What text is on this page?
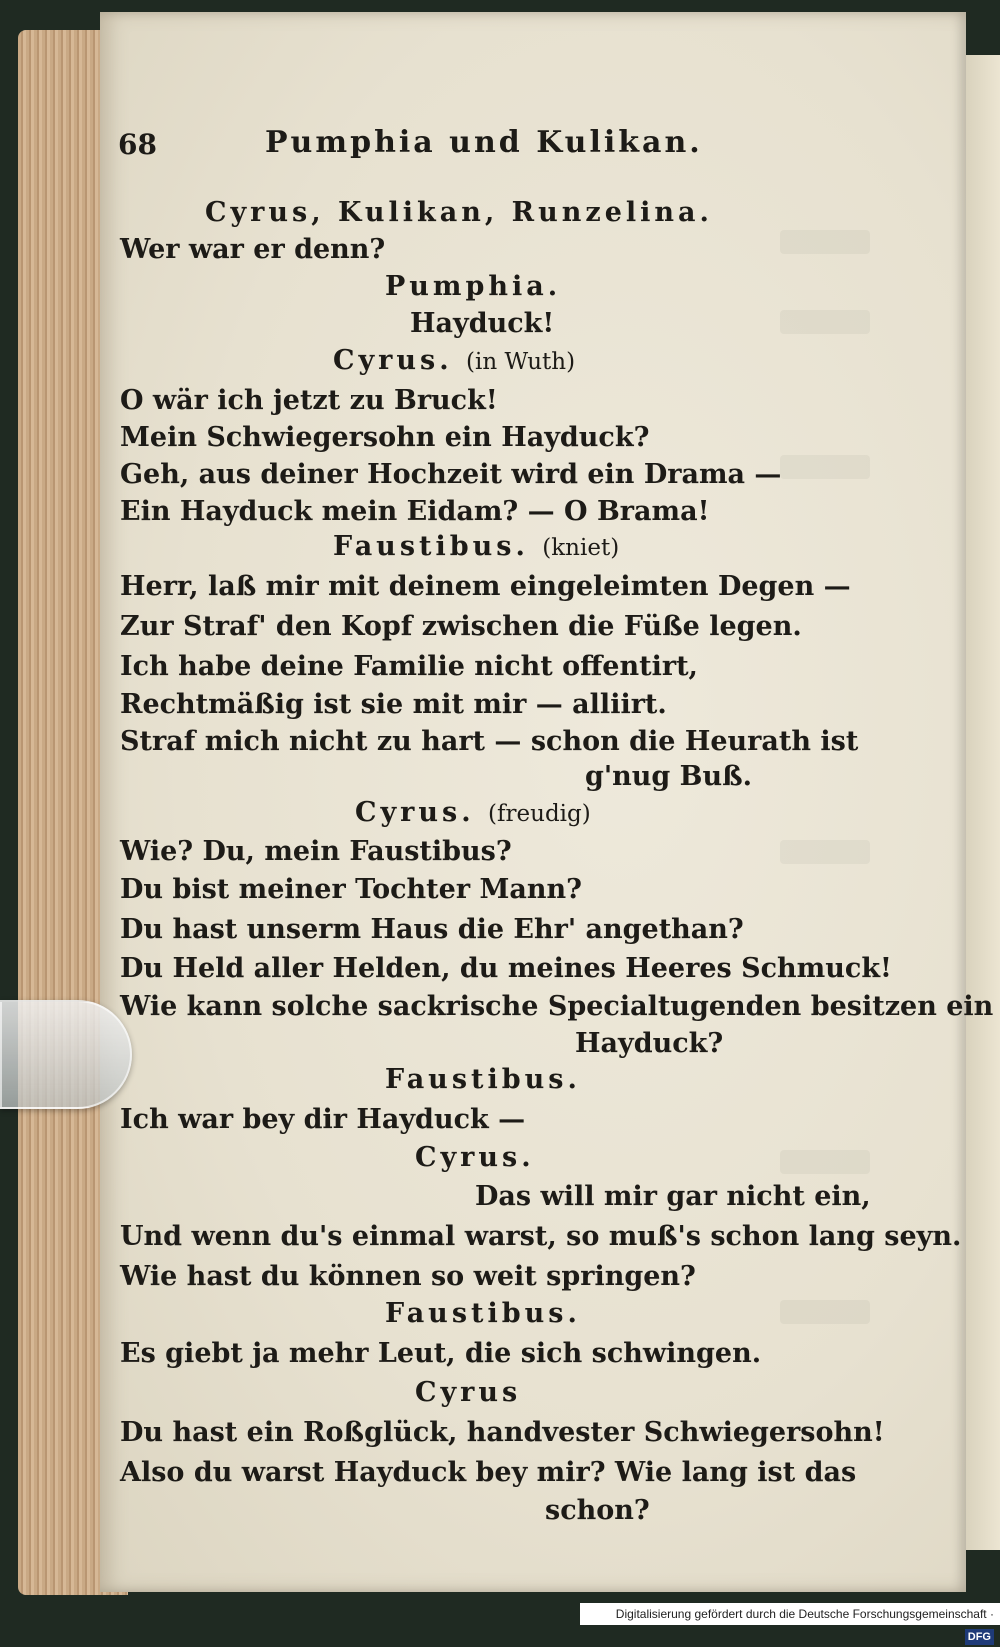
68	Pumphia und Kulikan.
Cyrus, Kulikan, Runzelina.
Wer war er denn?
Pumphia.
Hayduck!
Cyrus. (in Wuth)
O wär ich jetzt zu Bruck!
Mein Schwiegersohn ein Hayduck?
Geh, aus deiner Hochzeit wird ein Drama —
Ein Hayduck mein Eidam? — O Brama!
Faustibus. (kniet)
Herr, laß mir mit deinem eingeleimten Degen —
Zur Straf' den Kopf zwischen die Füße legen.
Ich habe deine Familie nicht offentirt,
Rechtmäßig ist sie mit mir — alliirt.
Straf mich nicht zu hart — schon die Heurath ist
g'nug Buß.
Cyrus. (freudig)
Wie? Du, mein Faustibus?
Du bist meiner Tochter Mann?
Du hast unserm Haus die Ehr' angethan?
Du Held aller Helden, du meines Heeres Schmuck!
Wie kann solche sackrische Specialtugenden besitzen ein
Hayduck?
Faustibus.
Ich war bey dir Hayduck —
Cyrus.
Das will mir gar nicht ein,
Und wenn du's einmal warst, so muß's schon lang seyn.
Wie hast du können so weit springen?
Faustibus.
Es giebt ja mehr Leut, die sich schwingen.
Cyrus
Du hast ein Roßglück, handvester Schwiegersohn!
Also du warst Hayduck bey mir? Wie lang ist das
schon?
Digitalisierung gefördert durch die Deutsche Forschungsgemeinschaft · DFG
